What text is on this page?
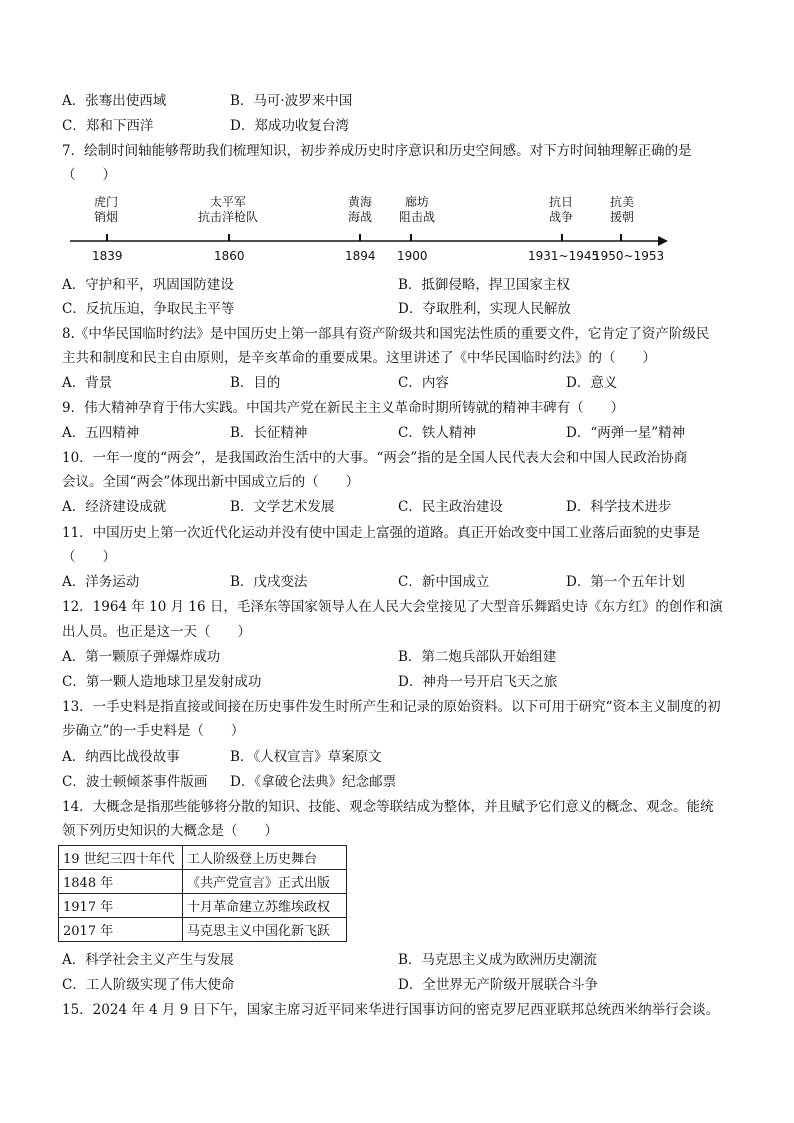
A．张骞出使西域	B．马可·波罗来中国
C．郑和下西洋	D．郑成功收复台湾
7．绘制时间轴能够帮助我们梳理知识，初步养成历史时序意识和历史空间感。对下方时间轴理解正确的是
（　　）
虎门
销烟
太平军
抗击洋枪队
黄海
海战
廊坊
阻击战
抗日
战争
抗美
援朝
1839	1860	1894 1900	1931~1945
1950~1953
A．守护和平，巩固国防建设	B．抵御侵略，捍卫国家主权
C．反抗压迫，争取民主平等	D．夺取胜利，实现人民解放
8.《中华民国临时约法》是中国历史上第一部具有资产阶级共和国宪法性质的重要文件，它肯定了资产阶级民
主共和制度和民主自由原则，是辛亥革命的重要成果。这里讲述了《中华民国临时约法》的（　　）
A．背景	B．目的	C．内容	D．意义
9．伟大精神孕育于伟大实践。中国共产党在新民主主义革命时期所铸就的精神丰碑有（　　）
A．五四精神	B．长征精神	C．铁人精神	D．“两弹一星”精神
10．一年一度的“两会”，是我国政治生活中的大事。“两会”指的是全国人民代表大会和中国人民政治协商
会议。全国“两会”体现出新中国成立后的（　　）
A．经济建设成就	B．文学艺术发展	C．民主政治建设	D．科学技术进步
11．中国历史上第一次近代化运动并没有使中国走上富强的道路。真正开始改变中国工业落后面貌的史事是
（　　）
A．洋务运动	B．戊戌变法	C．新中国成立	D．第一个五年计划
12．1964 年 10 月 16 日，毛泽东等国家领导人在人民大会堂接见了大型音乐舞蹈史诗《东方红》的创作和演
出人员。也正是这一天（　　）
A．第一颗原子弹爆炸成功	B．第二炮兵部队开始组建
C．第一颗人造地球卫星发射成功	D．神舟一号开启飞天之旅
13．一手史料是指直接或间接在历史事件发生时所产生和记录的原始资料。以下可用于研究“资本主义制度的初
步确立”的一手史料是（　　）
A．纳西比战役故事	B．《人权宣言》草案原文
C．波士顿倾茶事件版画 D．《拿破仑法典》纪念邮票
14．大概念是指那些能够将分散的知识、技能、观念等联结成为整体，并且赋予它们意义的概念、观念。能统
领下列历史知识的大概念是（　　）
19 世纪三四十年代	工人阶级登上历史舞台
1848 年	《共产党宣言》正式出版
1917 年	十月革命建立苏维埃政权
2017 年	马克思主义中国化新飞跃
A．科学社会主义产生与发展	B．马克思主义成为欧洲历史潮流
C．工人阶级实现了伟大使命	D．全世界无产阶级开展联合斗争
15．2024 年 4 月 9 日下午，国家主席习近平同来华进行国事访问的密克罗尼西亚联邦总统西米纳举行会谈。
